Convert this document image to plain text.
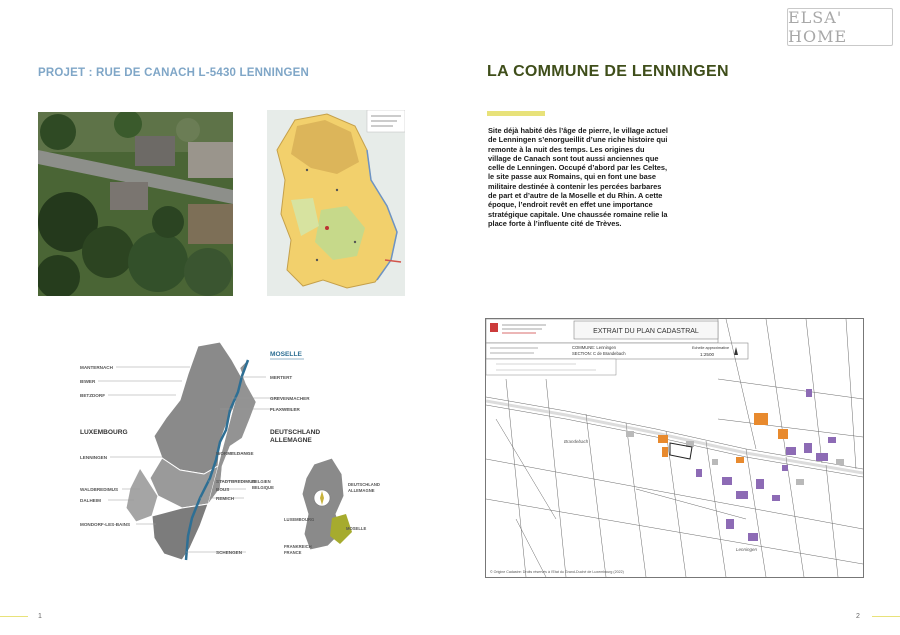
ELSA' HOME
PROJET : RUE DE CANACH L-5430 LENNINGEN
MANTERNACH
BIWER
BETZDORF
LUXEMBOURG
LENNINGEN
WALDBREDIMUS
DALHEIM
MONDORF-LES-BAINS
MOSELLE
MERTERT
GREVENMACHER
FLAXWEILER
DEUTSCHLAND
ALLEMAGNE
WORMELDANGE
STADTBREDIMUS
BOUS
REMICH
SCHENGEN
BELGIEN
BELGIQUE
DEUTSCHLAND
ALLEMAGNE
LUXEMBOURG
MOSELLE
FRANKREICH
FRANCE
1
LA COMMUNE DE LENNINGEN
Site déjà habité dès l’âge de pierre, le village actuel de Lenningen s’enorgueillit d’une riche histoire qui remonte à la nuit des temps. Les origines du village de Canach sont tout aussi anciennes que celle de Lenningen. Occupé d’abord par les Celtes, le site passe aux Romains, qui en font une base militaire destinée à contenir les percées barbares de part et d’autre de la Moselle et du Rhin. A cette époque, l’endroit revêt en effet une importance stratégique capitale. Une chaussée romaine relie la place forte à l’influente cité de Trèves.
EXTRAIT DU PLAN CADASTRAL
COMMUNE: Lenningen
SECTION: C de Brandebach
Echelle approximative
1:2500
Brandebach
Lenningen
© Origine Cadastre: Droits réservés à l'Etat du Grand-Duché de Luxembourg (2022)
2
